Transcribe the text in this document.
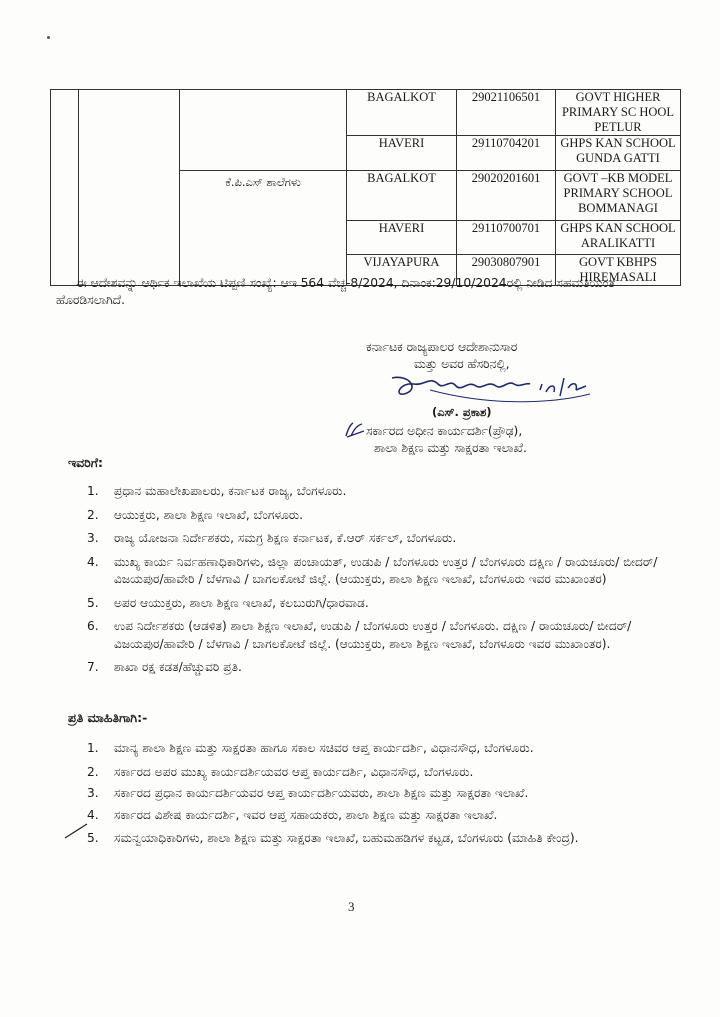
			BAGALKOT	29021106501	GOVT HIGHER PRIMARY SC HOOL PETLUR
			HAVERI	29110704201	GHPS KAN SCHOOL GUNDA GATTI
		ಕೆ.ಪಿ.ಎಸ್ ಶಾಲೆಗಳು	BAGALKOT	29020201601	GOVT –KB MODEL PRIMARY SCHOOL BOMMANAGI
			HAVERI	29110700701	GHPS KAN SCHOOL ARALIKATTI
			VIJAYAPURA	29030807901	GOVT KBHPS HIREMASALI
ಈ ಆದೇಶವನ್ನು ಆರ್ಥಿಕ ಇಲಾಖೆಯ ಟಿಪ್ಪಣಿ ಸಂಖ್ಯೆ: ಆಇ 564 ವೆಚ್ಚ-8/2024, ದಿನಾಂಕ:29/10/2024ರಲ್ಲಿ ನೀಡಿದ ಸಹಮತಿಯಂತೆ ಹೊರಡಿಸಲಾಗಿದೆ.
ಕರ್ನಾಟಕ ರಾಜ್ಯಪಾಲರ ಆದೇಶಾನುಸಾರ
ಮತ್ತು ಅವರ ಹೆಸರಿನಲ್ಲಿ,
(ಎಸ್. ಪ್ರಕಾಶ)
ಸರ್ಕಾರದ ಅಧೀನ ಕಾರ್ಯದರ್ಶಿ(ಪ್ರೌಢ),
ಶಾಲಾ ಶಿಕ್ಷಣ ಮತ್ತು ಸಾಕ್ಷರತಾ ಇಲಾಖೆ.
ಇವರಿಗೆ:
1. ಪ್ರಧಾನ ಮಹಾಲೇಖಪಾಲರು, ಕರ್ನಾಟಕ ರಾಜ್ಯ, ಬೆಂಗಳೂರು.
2. ಆಯುಕ್ತರು, ಶಾಲಾ ಶಿಕ್ಷಣ ಇಲಾಖೆ, ಬೆಂಗಳೂರು.
3. ರಾಜ್ಯ ಯೋಜನಾ ನಿರ್ದೇಶಕರು, ಸಮಗ್ರ ಶಿಕ್ಷಣ ಕರ್ನಾಟಕ, ಕೆ.ಆರ್ ಸರ್ಕಲ್, ಬೆಂಗಳೂರು.
4. ಮುಖ್ಯ ಕಾರ್ಯ ನಿರ್ವಹಣಾಧಿಕಾರಿಗಳು, ಜಿಲ್ಲಾ ಪಂಚಾಯತ್, ಉಡುಪಿ / ಬೆಂಗಳೂರು ಉತ್ತರ / ಬೆಂಗಳೂರು ದಕ್ಷಿಣ / ರಾಯಚೂರು/ ಬೀದರ್/ವಿಜಯಪುರ/ಹಾವೇರಿ / ಬೆಳಗಾವಿ / ಬಾಗಲಕೋಟೆ ಜಿಲ್ಲೆ. (ಆಯುಕ್ತರು, ಶಾಲಾ ಶಿಕ್ಷಣ ಇಲಾಖೆ, ಬೆಂಗಳೂರು ಇವರ ಮುಖಾಂತರ)
5. ಅಪರ ಆಯುಕ್ತರು, ಶಾಲಾ ಶಿಕ್ಷಣ ಇಲಾಖೆ, ಕಲಬುರುಗಿ/ಧಾರವಾಡ.
6. ಉಪ ನಿರ್ದೇಶಕರು (ಆಡಳಿತ) ಶಾಲಾ ಶಿಕ್ಷಣ ಇಲಾಖೆ, ಉಡುಪಿ / ಬೆಂಗಳೂರು ಉತ್ತರ / ಬೆಂಗಳೂರು. ದಕ್ಷಿಣ / ರಾಯಚೂರು/ ಬೀದರ್/ವಿಜಯಪುರ/ಹಾವೇರಿ / ಬೆಳಗಾವಿ / ಬಾಗಲಕೋಟೆ ಜಿಲ್ಲೆ. (ಆಯುಕ್ತರು, ಶಾಲಾ ಶಿಕ್ಷಣ ಇಲಾಖೆ, ಬೆಂಗಳೂರು ಇವರ ಮುಖಾಂತರ).
7. ಶಾಖಾ ರಕ್ಷ ಕಡತ/ಹೆಚ್ಚುವರಿ ಪ್ರತಿ.
ಪ್ರತಿ ಮಾಹಿತಿಗಾಗಿ:-
1. ಮಾನ್ಯ ಶಾಲಾ ಶಿಕ್ಷಣ ಮತ್ತು ಸಾಕ್ಷರತಾ ಹಾಗೂ ಸಕಾಲ ಸಚಿವರ ಆಪ್ತ ಕಾರ್ಯದರ್ಶಿ, ವಿಧಾನಸೌಧ, ಬೆಂಗಳೂರು.
2. ಸರ್ಕಾರದ ಅಪರ ಮುಖ್ಯ ಕಾರ್ಯದರ್ಶಿಯವರ ಆಪ್ತ ಕಾರ್ಯದರ್ಶಿ, ವಿಧಾನಸೌಧ, ಬೆಂಗಳೂರು.
3. ಸರ್ಕಾರದ ಪ್ರಧಾನ ಕಾರ್ಯದರ್ಶಿಯವರ ಆಪ್ತ ಕಾರ್ಯದರ್ಶಿಯವರು, ಶಾಲಾ ಶಿಕ್ಷಣ ಮತ್ತು ಸಾಕ್ಷರತಾ ಇಲಾಖೆ.
4. ಸರ್ಕಾರದ ವಿಶೇಷ ಕಾರ್ಯದರ್ಶಿ, ಇವರ ಆಪ್ತ ಸಹಾಯಕರು, ಶಾಲಾ ಶಿಕ್ಷಣ ಮತ್ತು ಸಾಕ್ಷರತಾ ಇಲಾಖೆ.
5. ಸಮನ್ವಯಾಧಿಕಾರಿಗಳು, ಶಾಲಾ ಶಿಕ್ಷಣ ಮತ್ತು ಸಾಕ್ಷರತಾ ಇಲಾಖೆ, ಬಹುಮಹಡಿಗಳ ಕಟ್ಟಡ, ಬೆಂಗಳೂರು (ಮಾಹಿತಿ ಕೇಂದ್ರ).
3
